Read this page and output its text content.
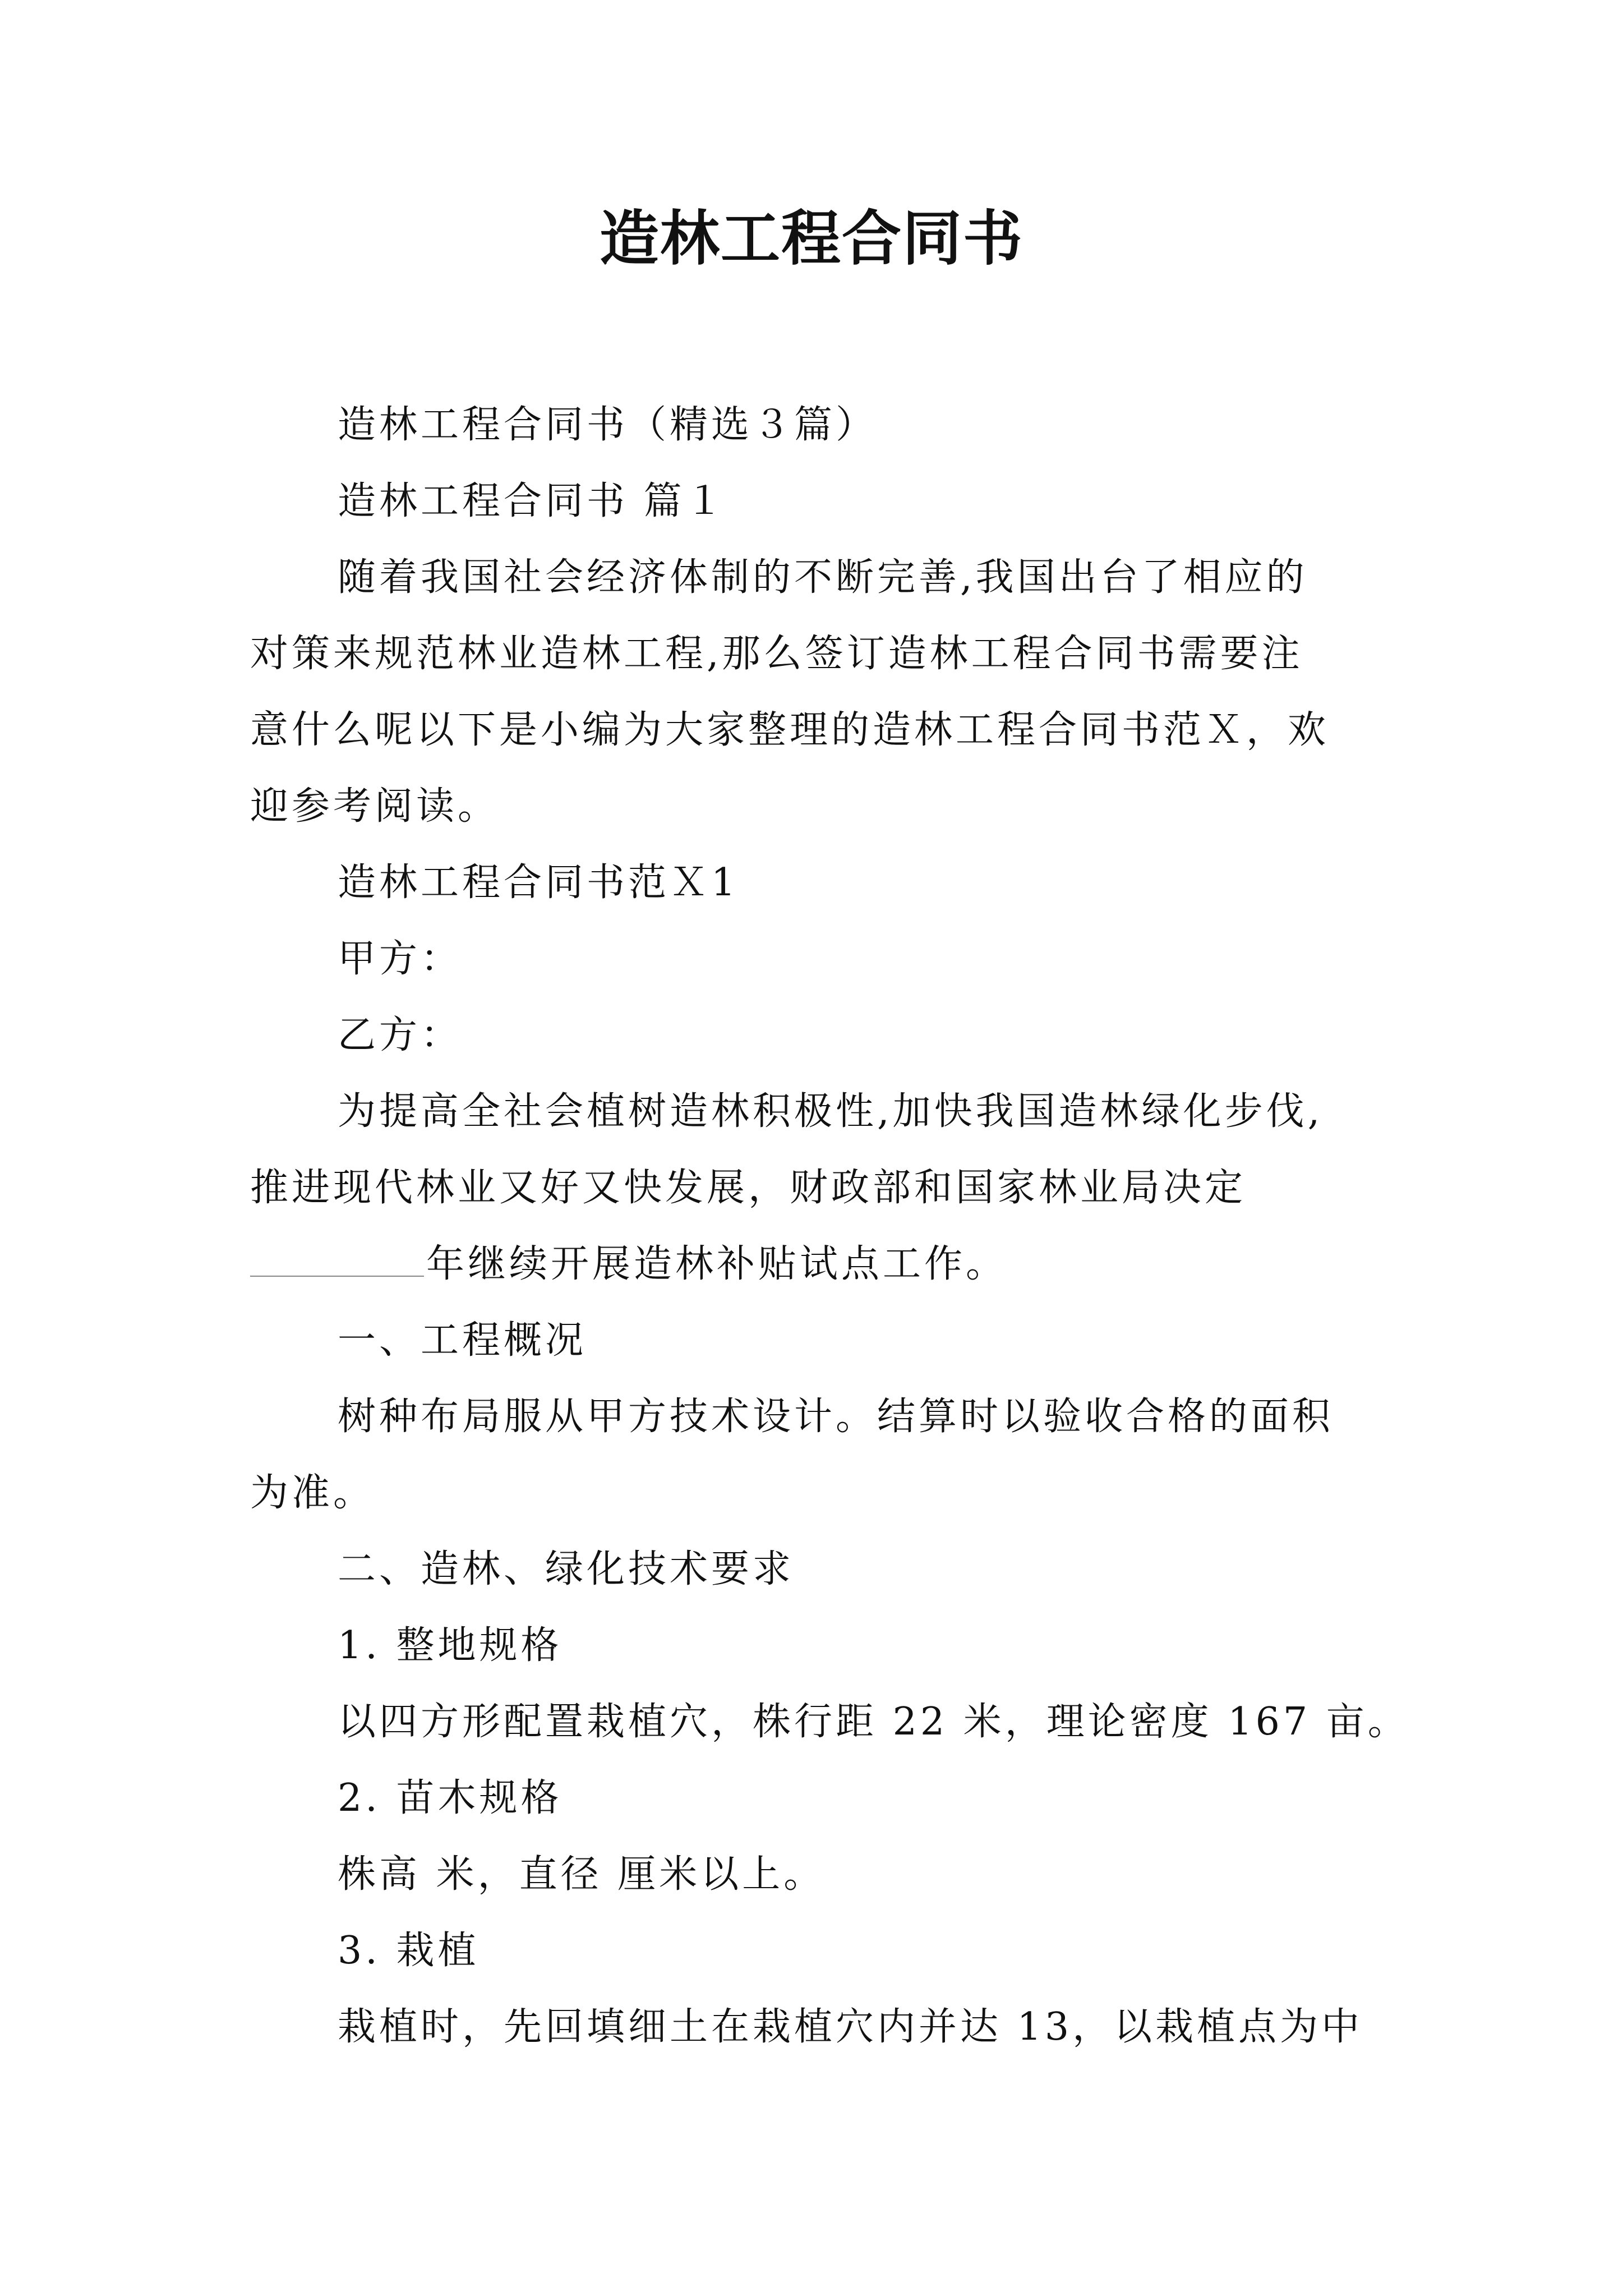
造林工程合同书

造林工程合同书（精选３篇）

造林工程合同书 篇１

随着我国社会经济体制的不断完善,我国出台了相应的

对策来规范林业造林工程,那么签订造林工程合同书需要注

意什么呢以下是小编为大家整理的造林工程合同书范Ｘ，欢

迎参考阅读。

造林工程合同书范Ｘ1

甲方：

乙方：

为提高全社会植树造林积极性,加快我国造林绿化步伐,

推进现代林业又好又快发展，财政部和国家林业局决定

年继续开展造林补贴试点工作。

一、工程概况

树种布局服从甲方技术设计。结算时以验收合格的面积

为准。

二、造林、绿化技术要求

1. 整地规格

以四方形配置栽植穴，株行距 22 米，理论密度 167 亩。

2. 苗木规格

株高 米，直径 厘米以上。

3. 栽植

栽植时，先回填细土在栽植穴内并达 13，以栽植点为中
